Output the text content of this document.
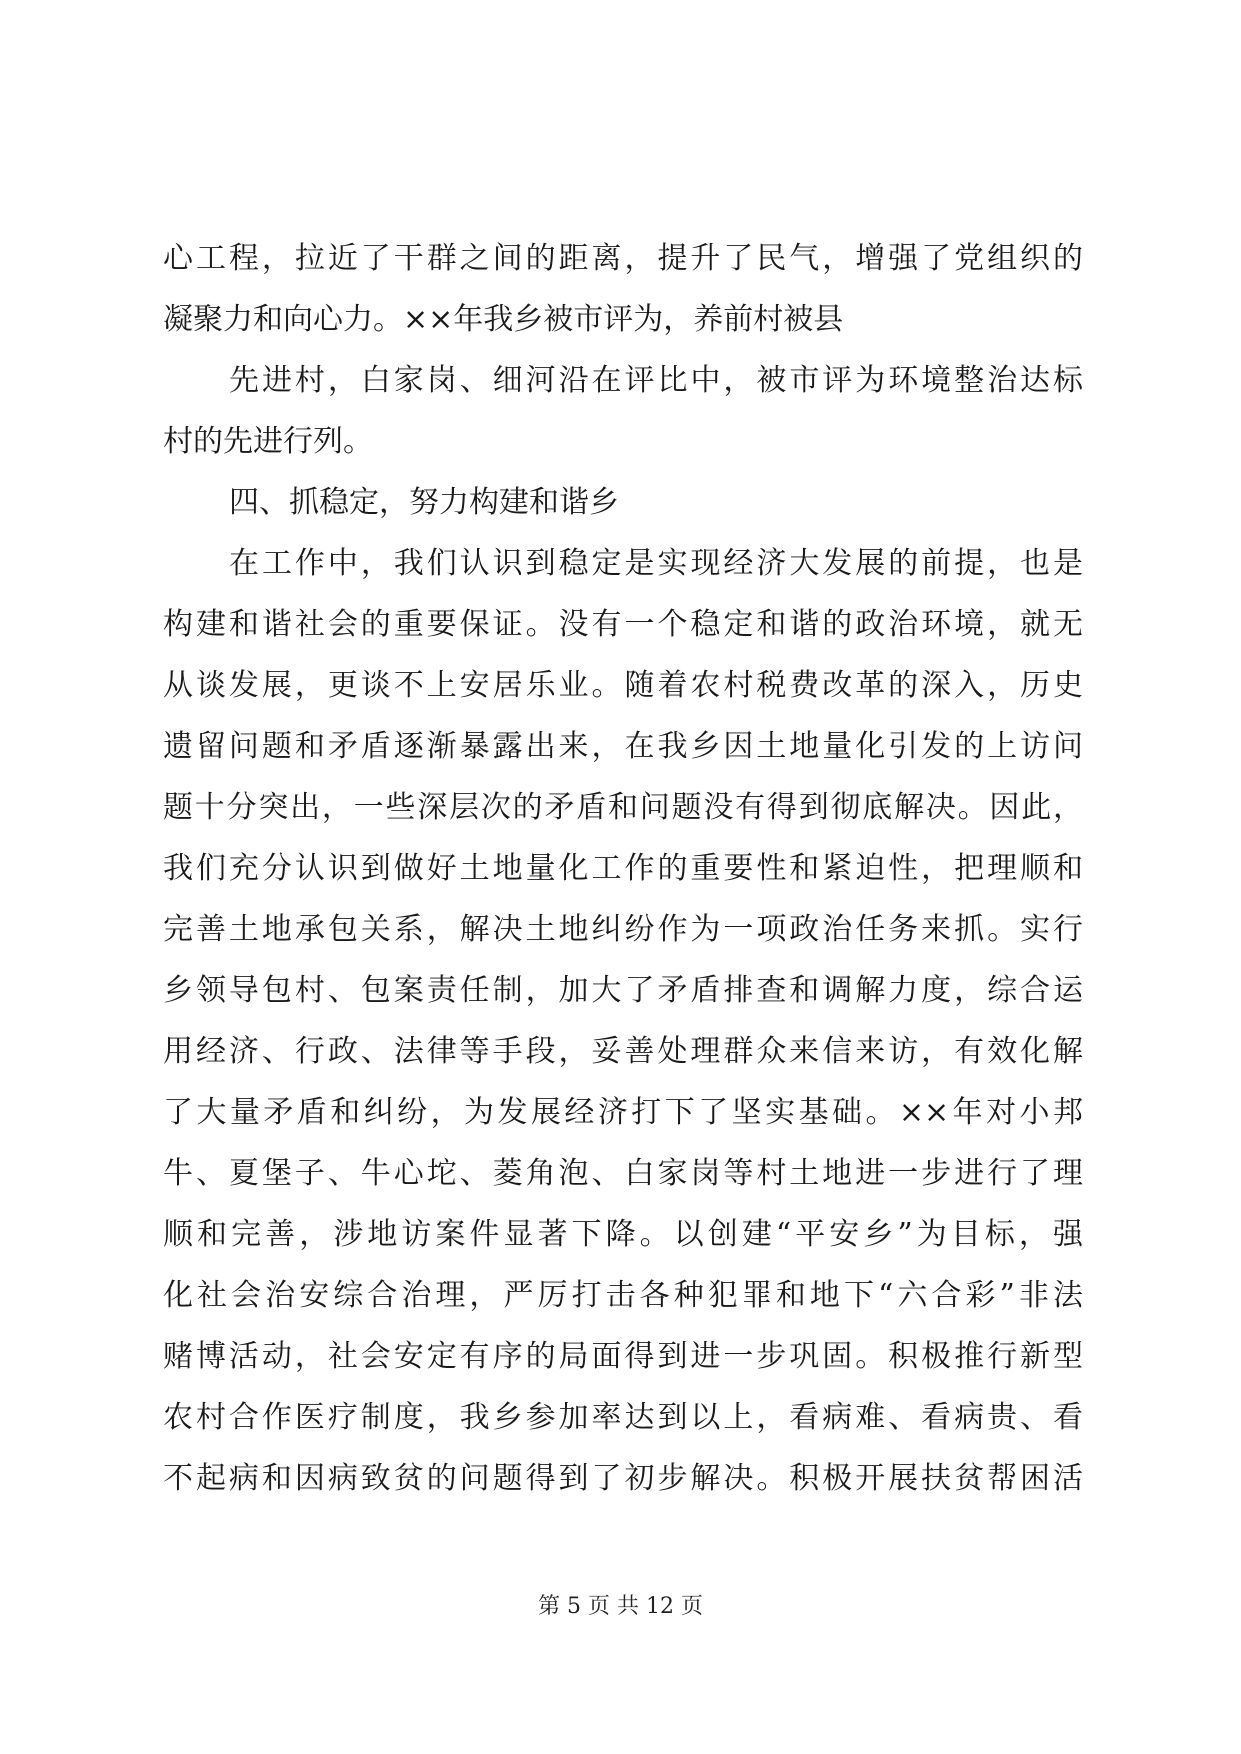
心工程，拉近了干群之间的距离，提升了民气，增强了党组织的
凝聚力和向心力。××年我乡被市评为，养前村被县
先进村，白家岗、细河沿在评比中，被市评为环境整治达标
村的先进行列。
四、抓稳定，努力构建和谐乡
在工作中，我们认识到稳定是实现经济大发展的前提，也是
构建和谐社会的重要保证。没有一个稳定和谐的政治环境，就无
从谈发展，更谈不上安居乐业。随着农村税费改革的深入，历史
遗留问题和矛盾逐渐暴露出来，在我乡因土地量化引发的上访问
题十分突出，一些深层次的矛盾和问题没有得到彻底解决。因此，
我们充分认识到做好土地量化工作的重要性和紧迫性，把理顺和
完善土地承包关系，解决土地纠纷作为一项政治任务来抓。实行
乡领导包村、包案责任制，加大了矛盾排查和调解力度，综合运
用经济、行政、法律等手段，妥善处理群众来信来访，有效化解
了大量矛盾和纠纷，为发展经济打下了坚实基础。××年对小邦
牛、夏堡子、牛心坨、菱角泡、白家岗等村土地进一步进行了理
顺和完善，涉地访案件显著下降。以创建“平安乡”为目标，强
化社会治安综合治理，严厉打击各种犯罪和地下“六合彩”非法
赌博活动，社会安定有序的局面得到进一步巩固。积极推行新型
农村合作医疗制度，我乡参加率达到以上，看病难、看病贵、看
不起病和因病致贫的问题得到了初步解决。积极开展扶贫帮困活
第 5 页 共 12 页
